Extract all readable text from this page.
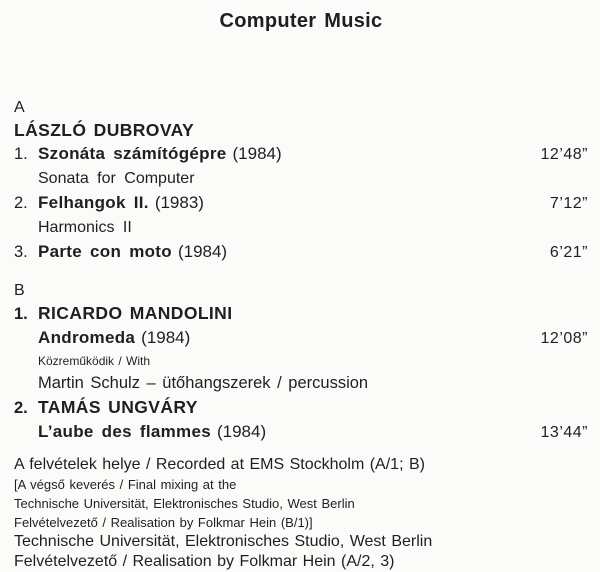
Computer Music
A
LÁSZLÓ DUBROVAY
1. Szonáta számítógépre (1984)	12’48”
Sonata for Computer
2. Felhangok II. (1983)	7’12”
Harmonics II
3. Parte con moto (1984)	6’21”
B
1. RICARDO MANDOLINI
Andromeda (1984)	12’08”
Közreműködik / With
Martin Schulz – ütőhangszerek / percussion
2. TAMÁS UNGVÁRY
L’aube des flammes (1984)	13’44”
A felvételek helye / Recorded at EMS Stockholm (A/1; B)
[A végső keverés / Final mixing at the
Technische Universität, Elektronisches Studio, West Berlin
Felvételvezető / Realisation by Folkmar Hein (B/1)]
Technische Universität, Elektronisches Studio, West Berlin
Felvételvezető / Realisation by Folkmar Hein (A/2, 3)
